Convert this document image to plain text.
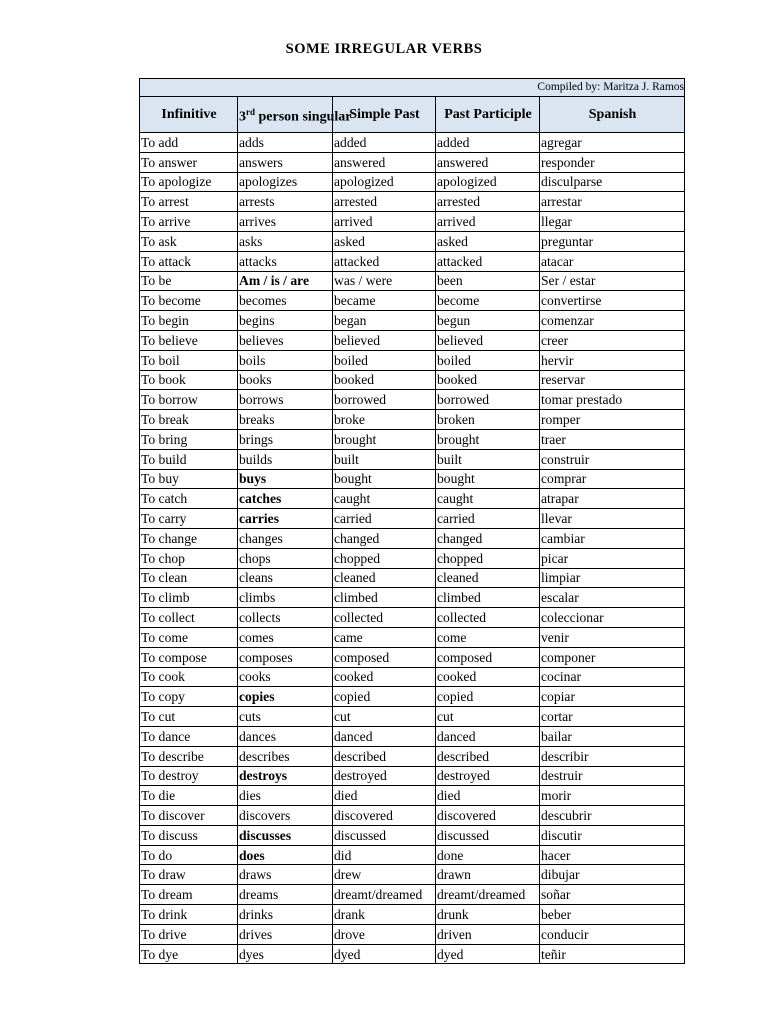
SOME IRREGULAR VERBS
Compiled by: Maritza J. Ramos				
Infinitive	3rd person singular	Simple Past	Past Participle	Spanish
To add	adds	added	added	agregar
To answer	answers	answered	answered	responder
To apologize	apologizes	apologized	apologized	disculparse
To arrest	arrests	arrested	arrested	arrestar
To arrive	arrives	arrived	arrived	llegar
To ask	asks	asked	asked	preguntar
To attack	attacks	attacked	attacked	atacar
To be	Am / is / are	was / were	been	Ser / estar
To become	becomes	became	become	convertirse
To begin	begins	began	begun	comenzar
To believe	believes	believed	believed	creer
To boil	boils	boiled	boiled	hervir
To book	books	booked	booked	reservar
To borrow	borrows	borrowed	borrowed	tomar prestado
To break	breaks	broke	broken	romper
To bring	brings	brought	brought	traer
To build	builds	built	built	construir
To buy	buys	bought	bought	comprar
To catch	catches	caught	caught	atrapar
To carry	carries	carried	carried	llevar
To change	changes	changed	changed	cambiar
To chop	chops	chopped	chopped	picar
To clean	cleans	cleaned	cleaned	limpiar
To climb	climbs	climbed	climbed	escalar
To collect	collects	collected	collected	coleccionar
To come	comes	came	come	venir
To compose	composes	composed	composed	componer
To cook	cooks	cooked	cooked	cocinar
To copy	copies	copied	copied	copiar
To cut	cuts	cut	cut	cortar
To dance	dances	danced	danced	bailar
To describe	describes	described	described	describir
To destroy	destroys	destroyed	destroyed	destruir
To die	dies	died	died	morir
To discover	discovers	discovered	discovered	descubrir
To discuss	discusses	discussed	discussed	discutir
To do	does	did	done	hacer
To draw	draws	drew	drawn	dibujar
To dream	dreams	dreamt/dreamed	dreamt/dreamed	soñar
To drink	drinks	drank	drunk	beber
To drive	drives	drove	driven	conducir
To dye	dyes	dyed	dyed	teñir
